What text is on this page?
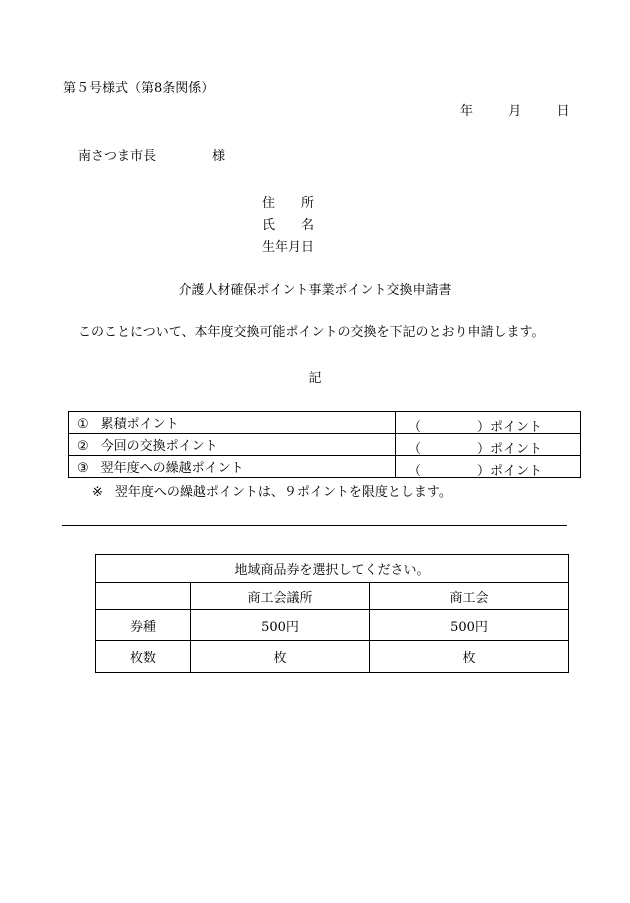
第５号様式（第8条関係）
年	月	日
南さつま市長	様
住　　所
氏　　名
生年月日
介護人材確保ポイント事業ポイント交換申請書
このことについて、本年度交換可能ポイントの交換を下記のとおり申請します。
記
① 累積ポイント	（ ）ポイント

② 今回の交換ポイント	（ ）ポイント

③ 翌年度への繰越ポイント	（ ）ポイント
※ 翌年度への繰越ポイントは、９ポイントを限度とします。
地域商品券を選択してください。		
	商工会議所	商工会
券種	500円	500円
枚数	枚	枚
